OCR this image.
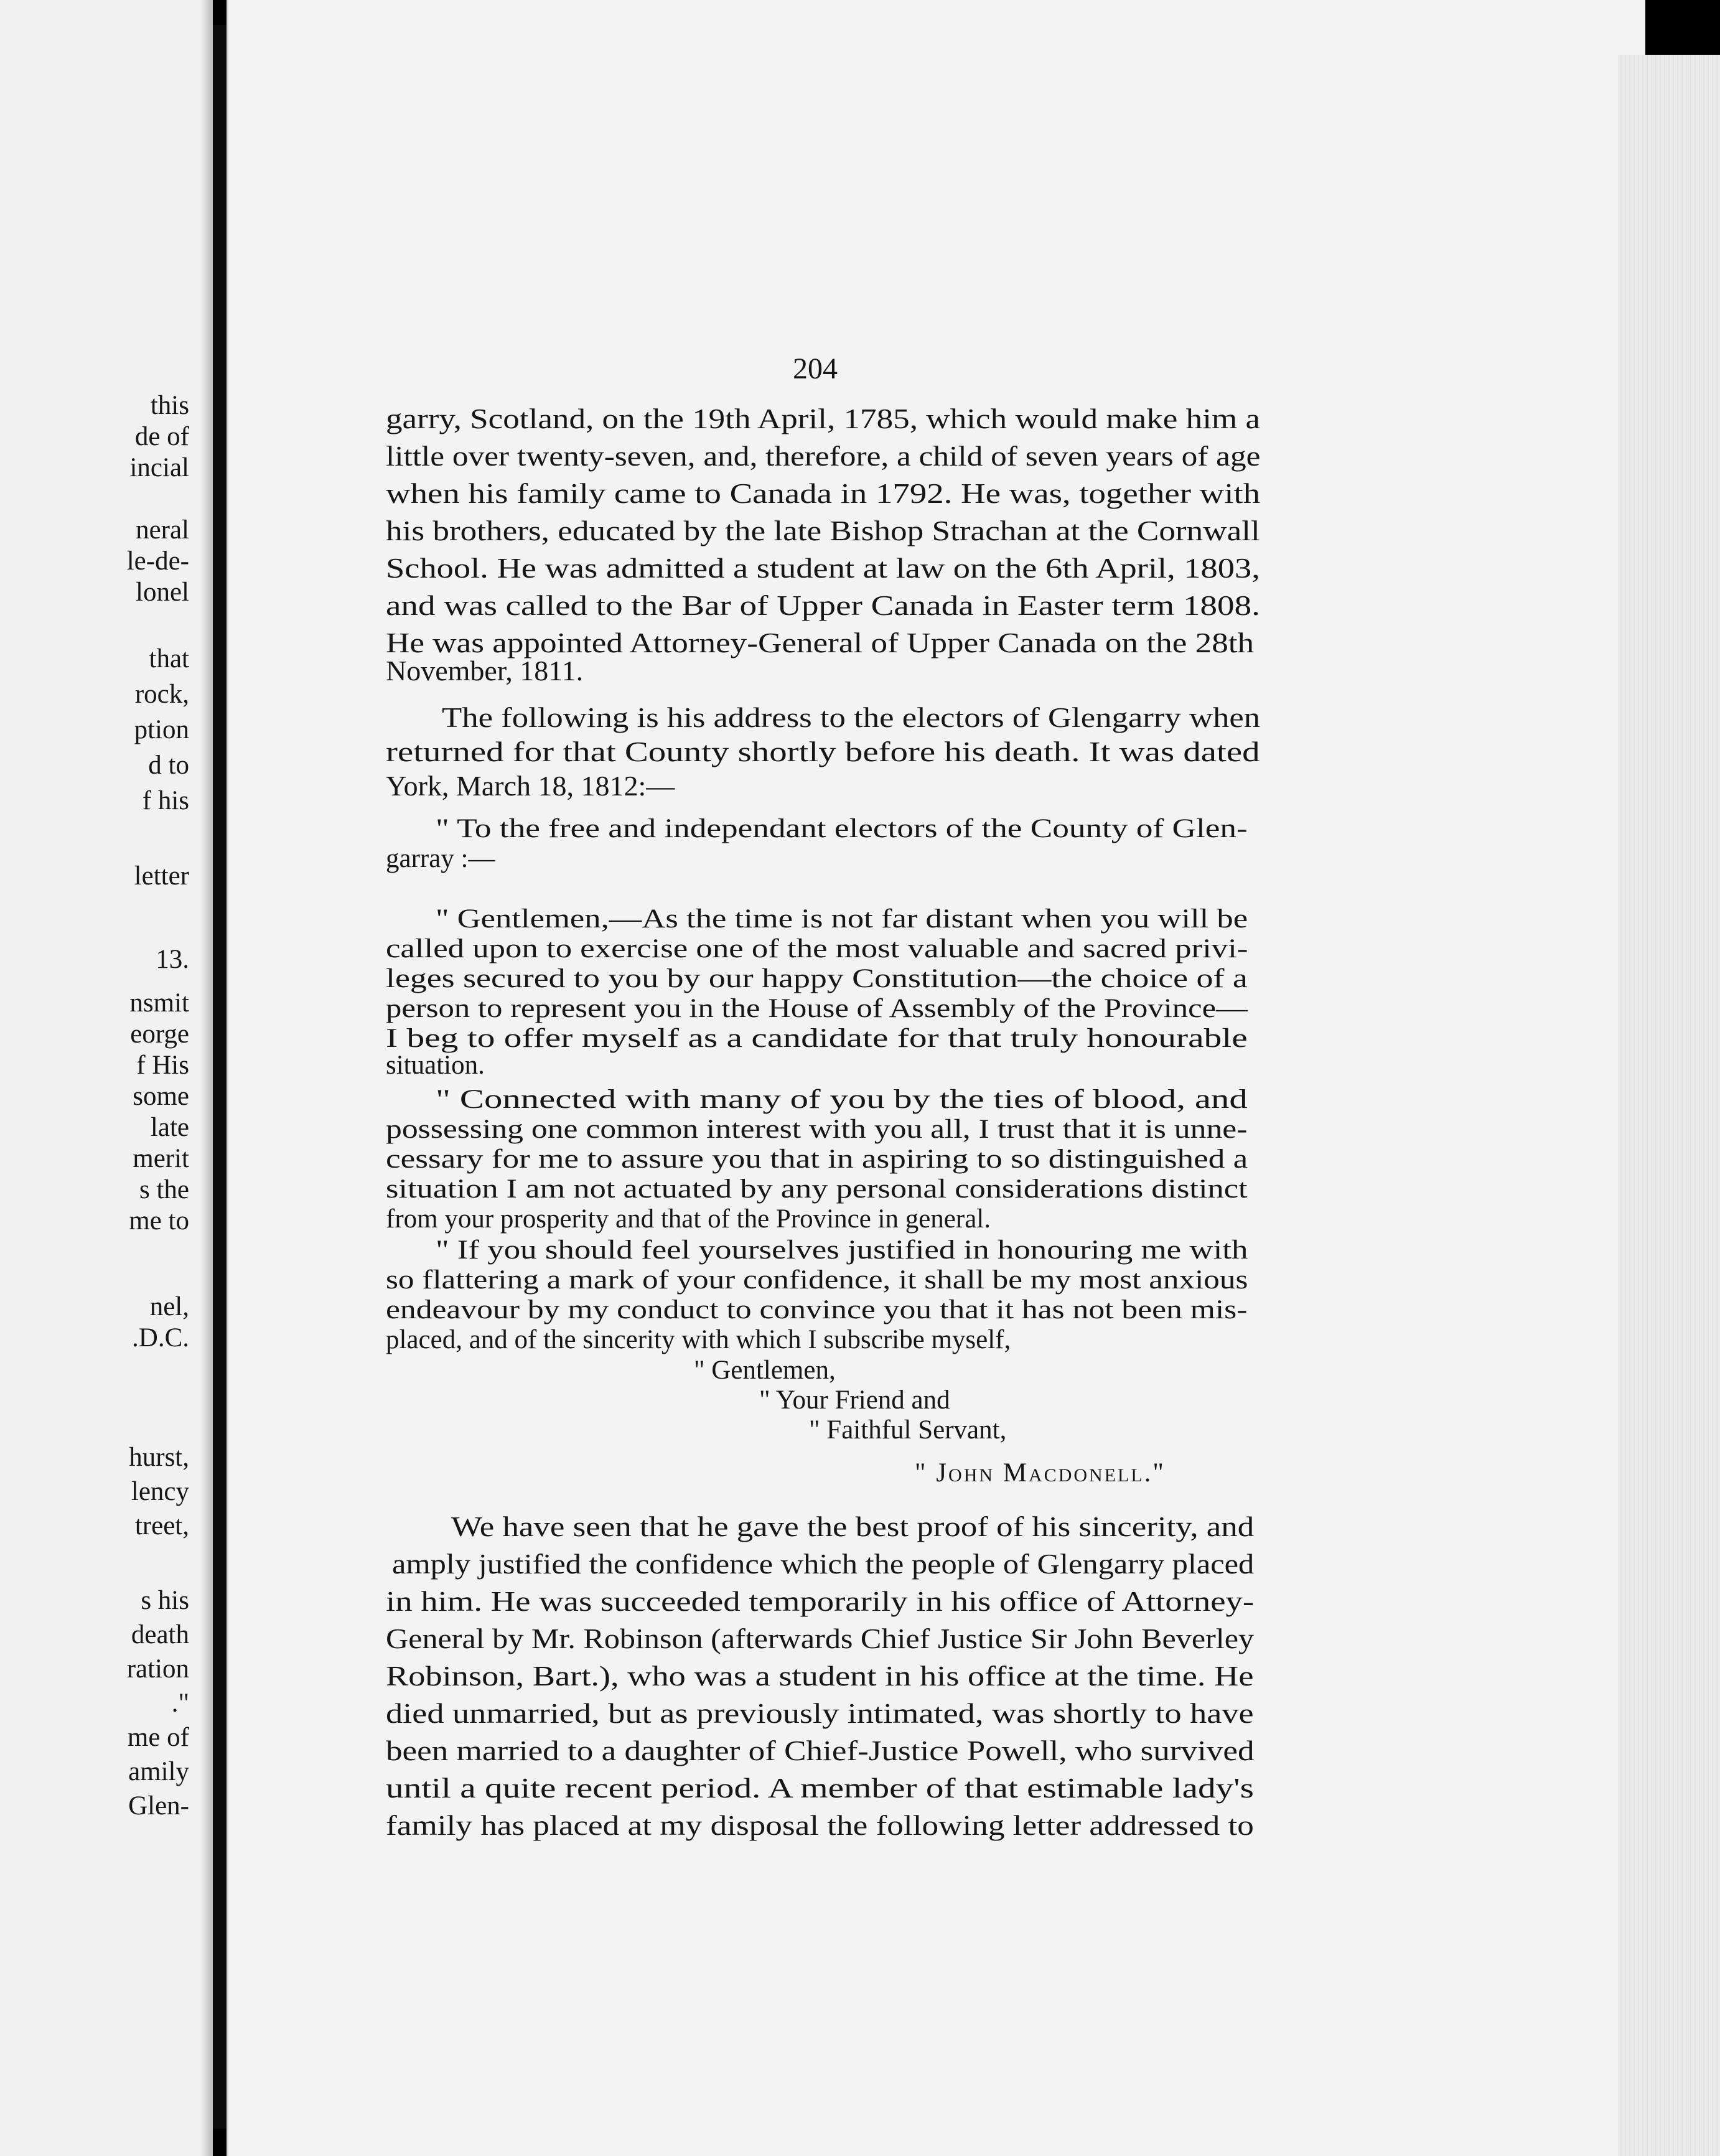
this
de of
incial
neral
le-de-
lonel
that
rock,
ption
d to
f his
letter
13.
nsmit
eorge
f His
some
late
merit
s the
me to
nel,
.D.C.
hurst,
lency
treet,
s his
death
ration
."
me of
amily
Glen-
204
garry, Scotland, on the 19th April, 1785, which would make him a
little over twenty-seven, and, therefore, a child of seven years of age
when his family came to Canada in 1792. He was, together with
his brothers, educated by the late Bishop Strachan at the Cornwall
School. He was admitted a student at law on the 6th April, 1803,
and was called to the Bar of Upper Canada in Easter term 1808.
He was appointed Attorney-General of Upper Canada on the 28th
November, 1811.
The following is his address to the electors of Glengarry when
returned for that County shortly before his death. It was dated
York, March 18, 1812:—
" To the free and independant electors of the County of Glen-
garray :—
" Gentlemen,—As the time is not far distant when you will be
called upon to exercise one of the most valuable and sacred privi-
leges secured to you by our happy Constitution—the choice of a
person to represent you in the House of Assembly of the Province—
I beg to offer myself as a candidate for that truly honourable
situation.
" Connected with many of you by the ties of blood, and
possessing one common interest with you all, I trust that it is unne-
cessary for me to assure you that in aspiring to so distinguished a
situation I am not actuated by any personal considerations distinct
from your prosperity and that of the Province in general.
" If you should feel yourselves justified in honouring me with
so flattering a mark of your confidence, it shall be my most anxious
endeavour by my conduct to convince you that it has not been mis-
placed, and of the sincerity with which I subscribe myself,
" Gentlemen,
" Your Friend and
" Faithful Servant,
" John Macdonell."
We have seen that he gave the best proof of his sincerity, and
amply justified the confidence which the people of Glengarry placed
in him. He was succeeded temporarily in his office of Attorney-
General by Mr. Robinson (afterwards Chief Justice Sir John Beverley
Robinson, Bart.), who was a student in his office at the time. He
died unmarried, but as previously intimated, was shortly to have
been married to a daughter of Chief-Justice Powell, who survived
until a quite recent period. A member of that estimable lady's
family has placed at my disposal the following letter addressed to
